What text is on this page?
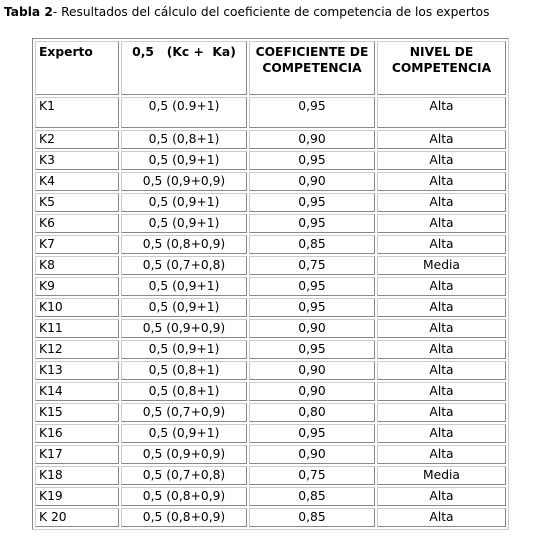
Tabla 2- Resultados del cálculo del coeficiente de competencia de los expertos
Experto	0,5   (Kc +  Ka)	COEFICIENTE DE COMPETENCIA	NIVEL DE COMPETENCIA
K1	0,5 (0.9+1)	0,95	Alta
K2	0,5 (0,8+1)	0,90	Alta
K3	0,5 (0,9+1)	0,95	Alta
K4	0,5 (0,9+0,9)	0,90	Alta
K5	0,5 (0,9+1)	0,95	Alta
K6	0,5 (0,9+1)	0,95	Alta
K7	0,5 (0,8+0,9)	0,85	Alta
K8	0,5 (0,7+0,8)	0,75	Media
K9	0,5 (0,9+1)	0,95	Alta
K10	0,5 (0,9+1)	0,95	Alta
K11	0,5 (0,9+0,9)	0,90	Alta
K12	0,5 (0,9+1)	0,95	Alta
K13	0,5 (0,8+1)	0,90	Alta
K14	0,5 (0,8+1)	0,90	Alta
K15	0,5 (0,7+0,9)	0,80	Alta
K16	0,5 (0,9+1)	0,95	Alta
K17	0,5 (0,9+0,9)	0,90	Alta
K18	0,5 (0,7+0,8)	0,75	Media
K19	0,5 (0,8+0,9)	0,85	Alta
K 20	0,5 (0,8+0,9)	0,85	Alta
